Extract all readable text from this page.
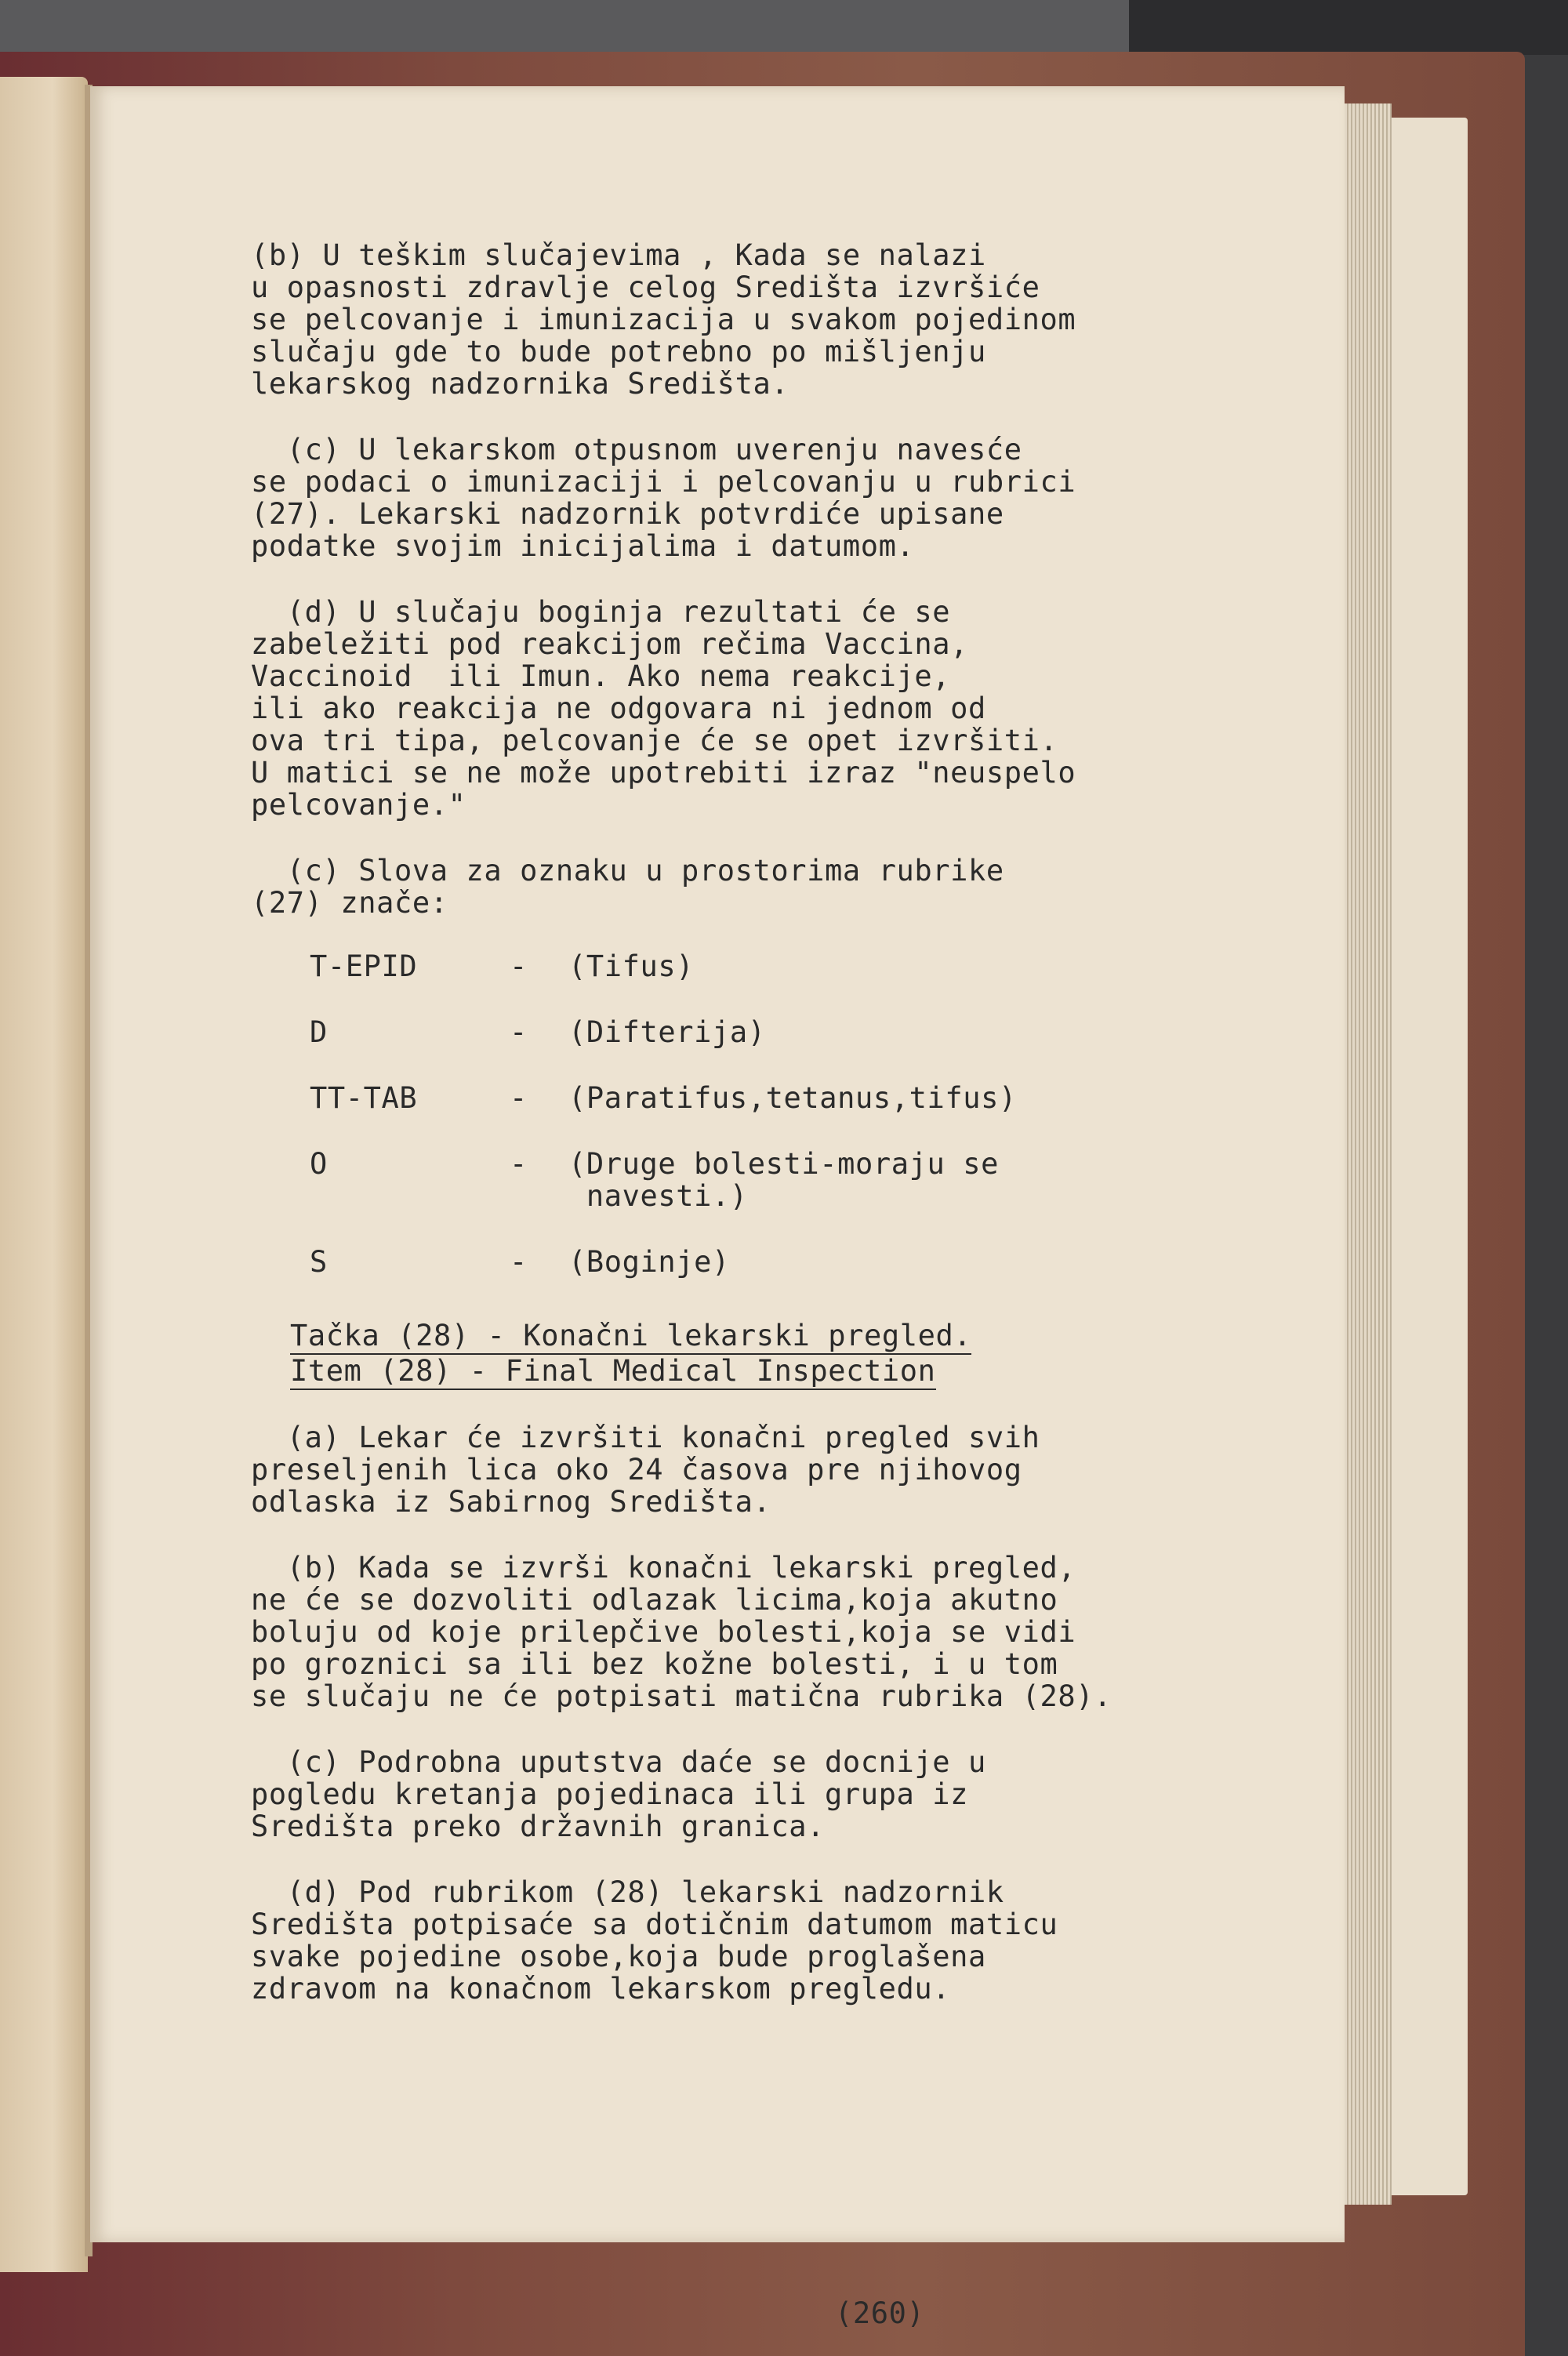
(b) U teškim slučajevima , Kada se nalazi
u opasnosti zdravlje celog Središta izvršiće
se pelcovanje i imunizacija u svakom pojedinom
slučaju gde to bude potrebno po mišljenju
lekarskog nadzornika Središta.
(c) U lekarskom otpusnom uverenju navesće
se podaci o imunizaciji i pelcovanju u rubrici
(27). Lekarski nadzornik potvrdiće upisane
podatke svojim inicijalima i datumom.
(d) U slučaju boginja rezultati će se
zabeležiti pod reakcijom rečima Vaccina,
Vaccinoid  ili Imun. Ako nema reakcije,
ili ako reakcija ne odgovara ni jednom od
ova tri tipa, pelcovanje će se opet izvršiti.
U matici se ne može upotrebiti izraz "neuspelo
pelcovanje."
(c) Slova za oznaku u prostorima rubrike
(27) znače:
T-EPID	- (Tifus)
D	- (Difterija)
TT-TAB	- (Paratifus,tetanus,tifus)
O	- (Druge bolesti-moraju se
navesti.)
S	- (Boginje)
Tačka (28) - Konačni lekarski pregled.
Item (28) - Final Medical Inspection
(a) Lekar će izvršiti konačni pregled svih
preseljenih lica oko 24 časova pre njihovog
odlaska iz Sabirnog Središta.
(b) Kada se izvrši konačni lekarski pregled,
ne će se dozvoliti odlazak licima,koja akutno
boluju od koje prilepčive bolesti,koja se vidi
po groznici sa ili bez kožne bolesti, i u tom
se slučaju ne će potpisati matična rubrika (28).
(c) Podrobna uputstva daće se docnije u
pogledu kretanja pojedinaca ili grupa iz
Središta preko državnih granica.
(d) Pod rubrikom (28) lekarski nadzornik
Središta potpisaće sa dotičnim datumom maticu
svake pojedine osobe,koja bude proglašena
zdravom na konačnom lekarskom pregledu.
(260)
